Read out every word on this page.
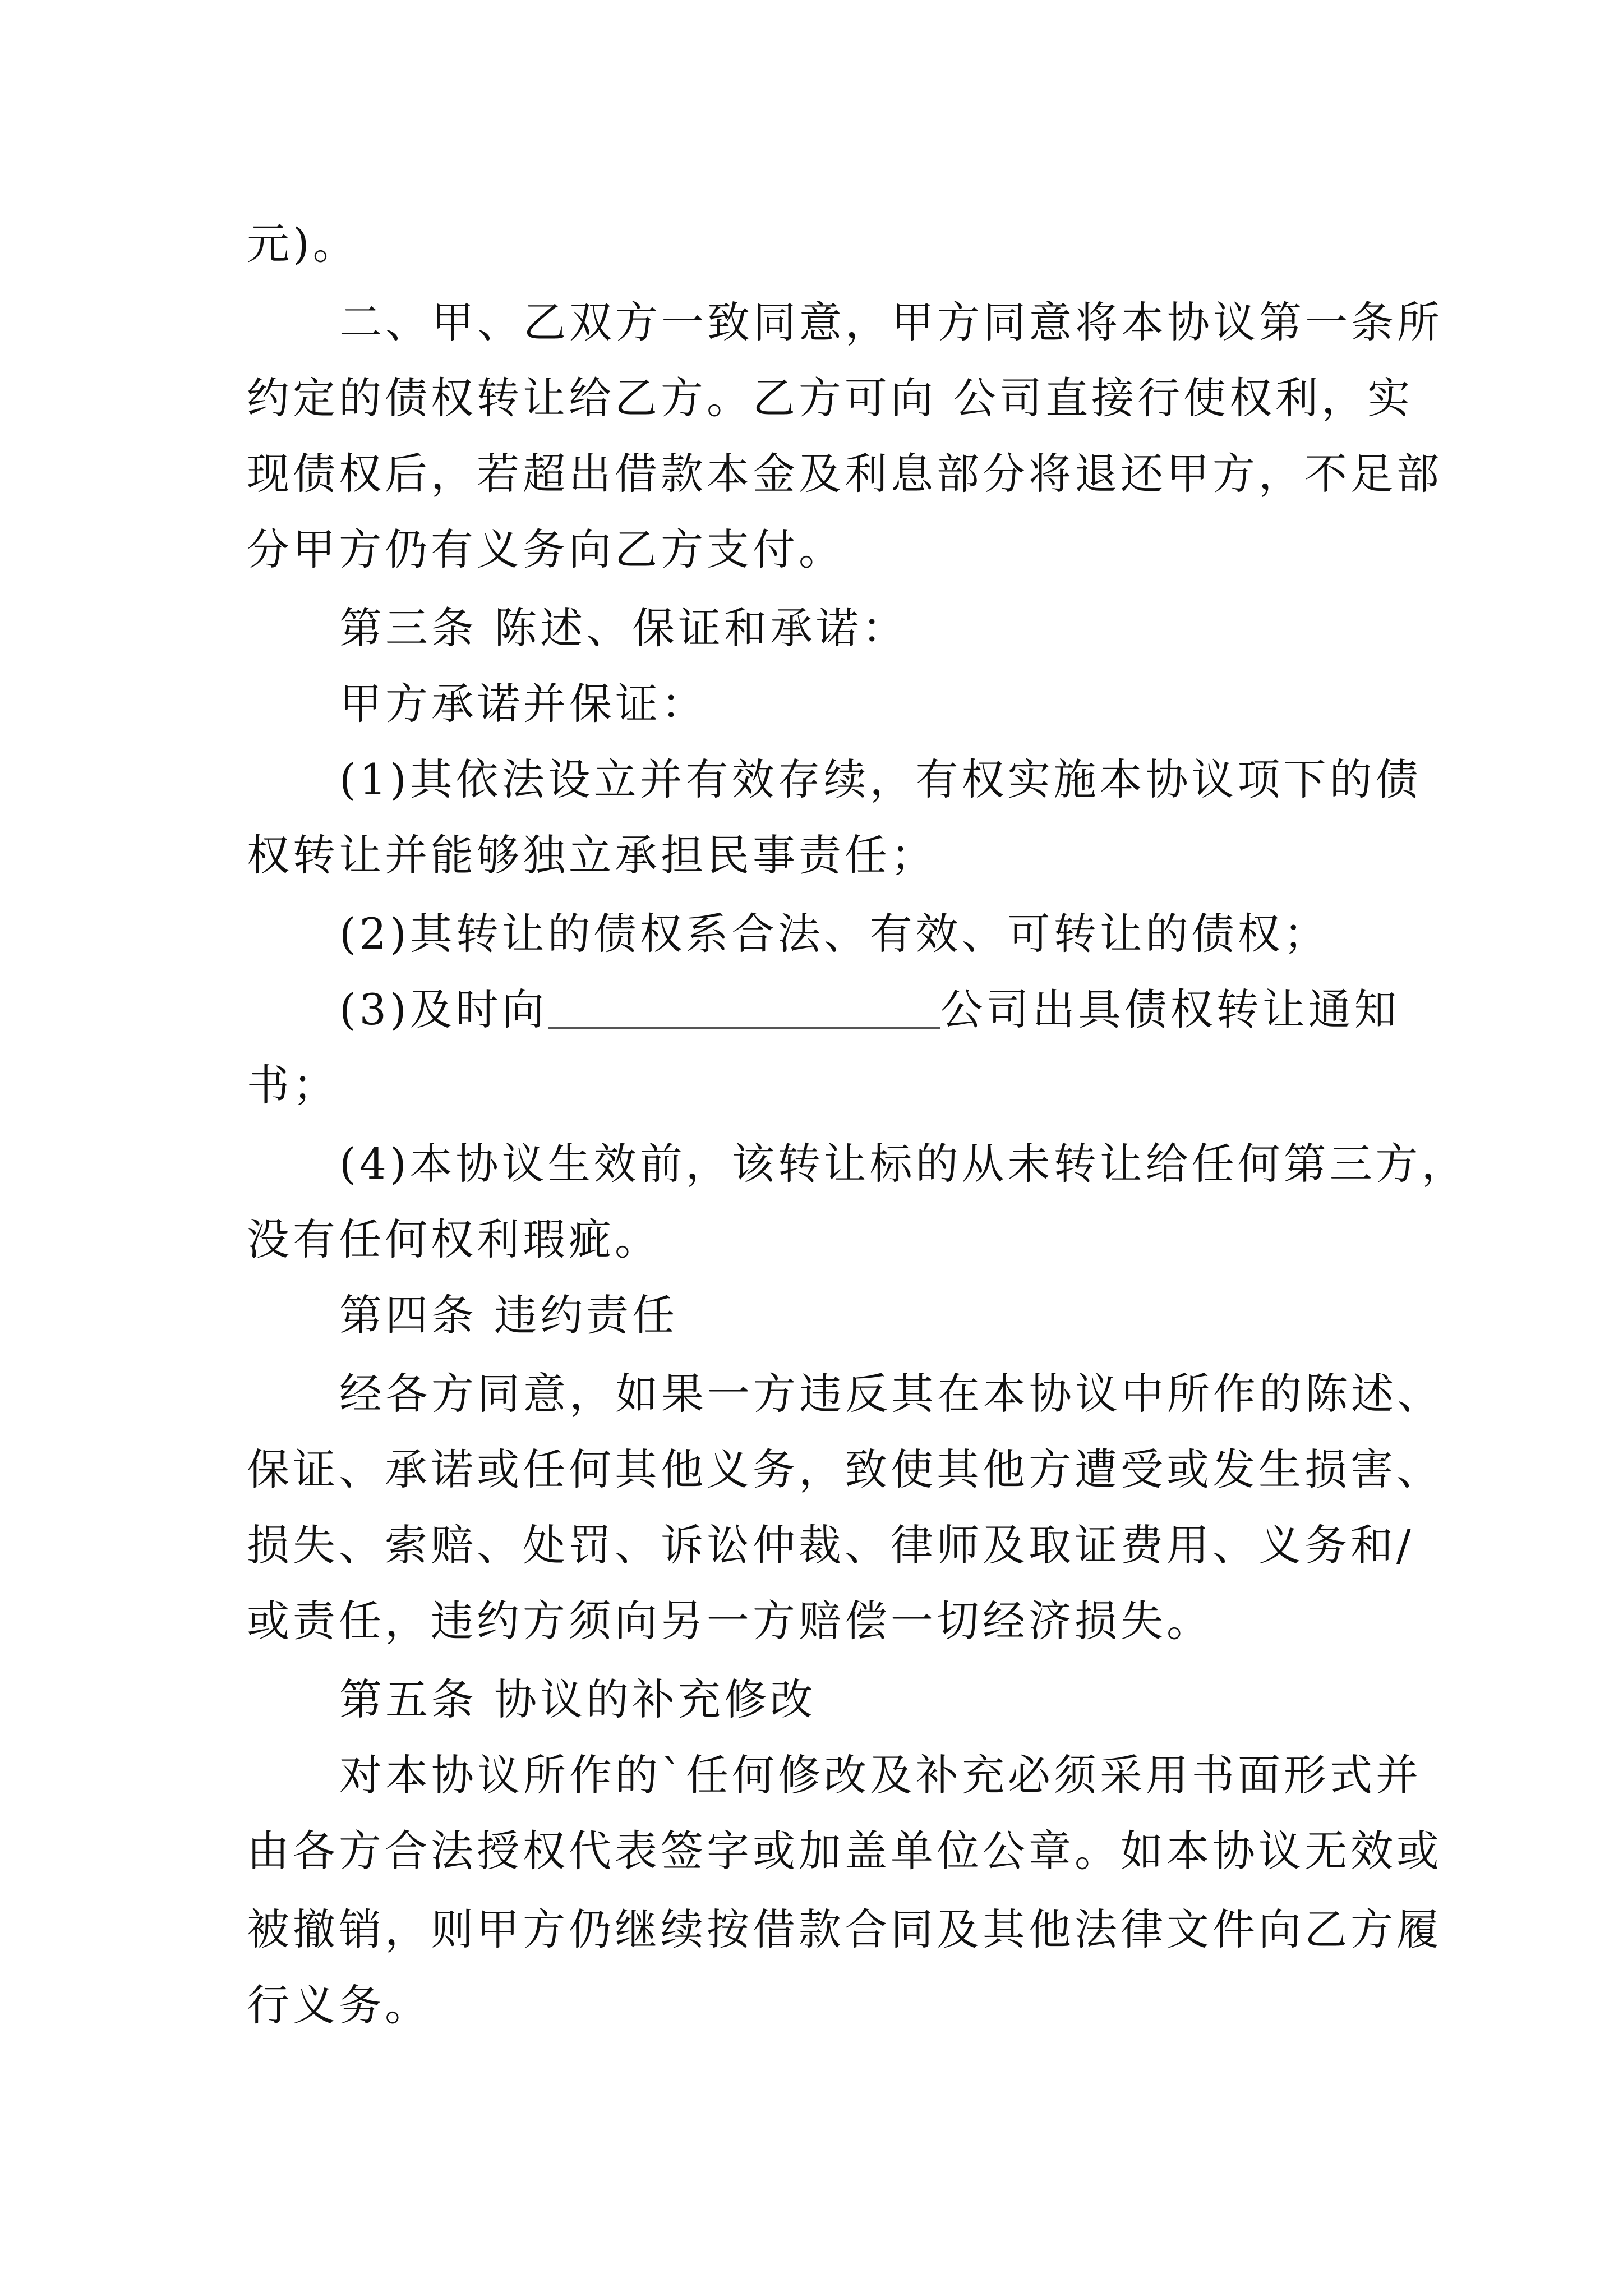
元)。
二、甲、乙双方一致同意，甲方同意将本协议第一条所
约定的债权转让给乙方。乙方可向 公司直接行使权利，实
现债权后，若超出借款本金及利息部分将退还甲方，不足部
分甲方仍有义务向乙方支付。
第三条 陈述、保证和承诺：
甲方承诺并保证：
(1)其依法设立并有效存续，有权实施本协议项下的债
权转让并能够独立承担民事责任；
(2)其转让的债权系合法、有效、可转让的债权；
(3)及时向	公司出具债权转让通知
书；
(4)本协议生效前，该转让标的从未转让给任何第三方，
没有任何权利瑕疵。
第四条 违约责任
经各方同意，如果一方违反其在本协议中所作的陈述、
保证、承诺或任何其他义务，致使其他方遭受或发生损害、
损失、索赔、处罚、诉讼仲裁、律师及取证费用、义务和/
或责任，违约方须向另一方赔偿一切经济损失。
第五条 协议的补充修改
对本协议所作的`任何修改及补充必须采用书面形式并
由各方合法授权代表签字或加盖单位公章。如本协议无效或
被撤销，则甲方仍继续按借款合同及其他法律文件向乙方履
行义务。
